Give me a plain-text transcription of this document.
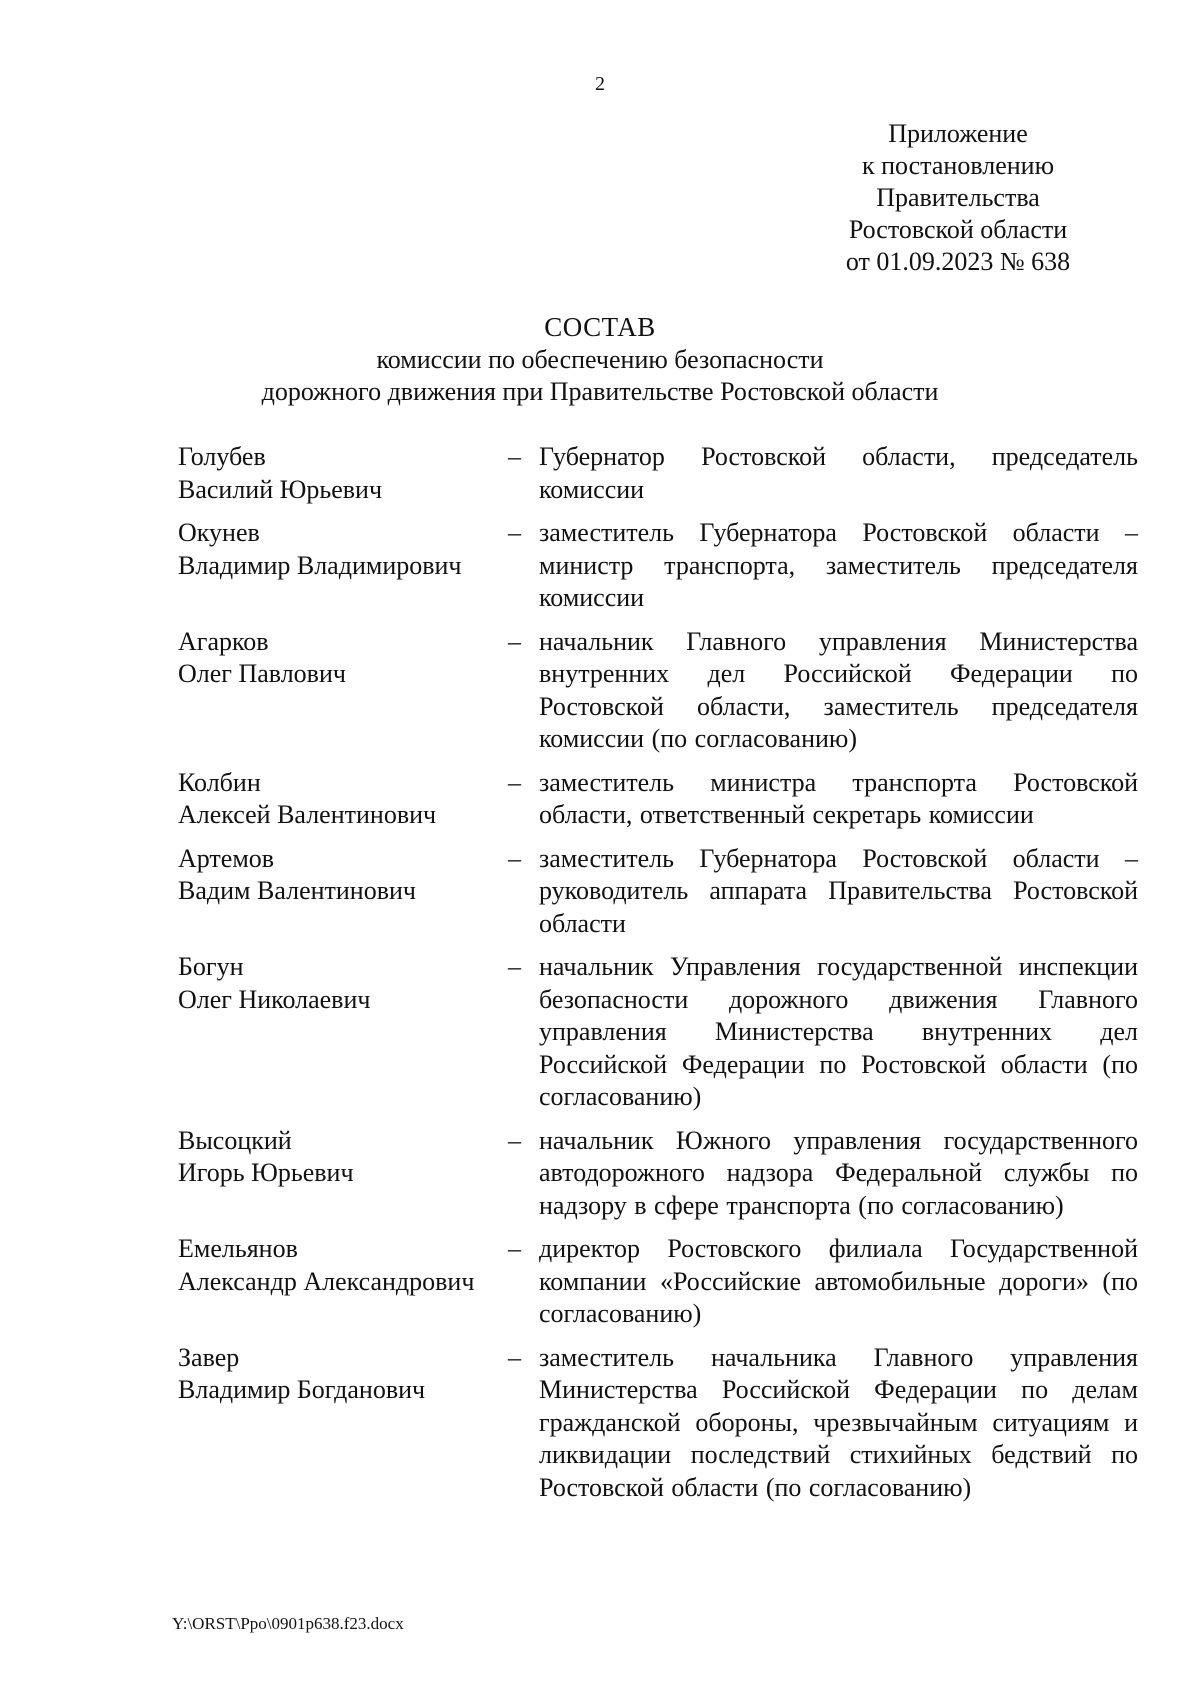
2
Приложение
к постановлению
Правительства
Ростовской области
от 01.09.2023 № 638
СОСТАВ
комиссии по обеспечению безопасности
дорожного движения при Правительстве Ростовской области
Голубев
Василий Юрьевич
– Губернатор Ростовской области, председатель комиссии
Окунев
Владимир Владимирович
– заместитель Губернатора Ростовской области – министр транспорта, заместитель председателя комиссии
Агарков
Олег Павлович
– начальник Главного управления Министерства внутренних дел Российской Федерации по Ростовской области, заместитель председателя комиссии (по согласованию)
Колбин
Алексей Валентинович
– заместитель министра транспорта Ростовской области, ответственный секретарь комиссии
Артемов
Вадим Валентинович
– заместитель Губернатора Ростовской области – руководитель аппарата Правительства Ростовской области
Богун
Олег Николаевич
– начальник Управления государственной инспекции безопасности дорожного движения Главного управления Министерства внутренних дел Российской Федерации по Ростовской области (по согласованию)
Высоцкий
Игорь Юрьевич
– начальник Южного управления государственного автодорожного надзора Федеральной службы по надзору в сфере транспорта (по согласованию)
Емельянов
Александр Александрович
– директор Ростовского филиала Государственной компании «Российские автомобильные дороги» (по согласованию)
Завер
Владимир Богданович
– заместитель начальника Главного управления Министерства Российской Федерации по делам гражданской обороны, чрезвычайным ситуациям и ликвидации последствий стихийных бедствий по Ростовской области (по согласованию)
Y:\ORST\Ppo\0901p638.f23.docx
